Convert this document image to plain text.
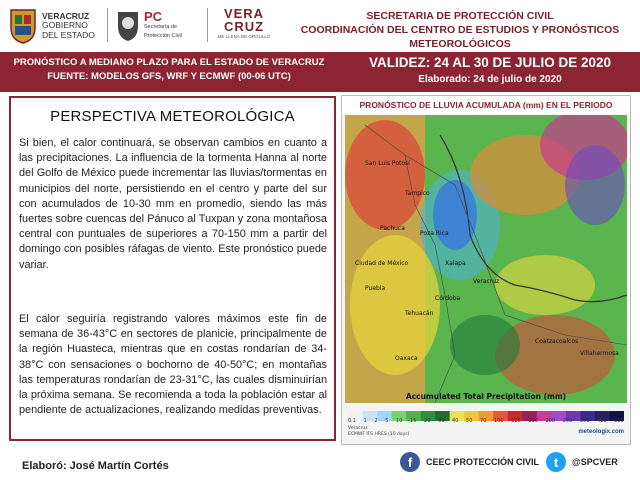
VERACRUZ
GOBIERNO
DEL ESTADO
PC
Secretaría de
Protección Civil
VERA
CRUZ
ME LLENA DE ORGULLO
SECRETARIA DE PROTECCIÓN CIVIL
COORDINACIÓN DEL CENTRO DE ESTUDIOS Y PRONÓSTICOS METEOROLÓGICOS
PRONÓSTICO A MEDIANO PLAZO PARA EL ESTADO DE VERACRUZ
FUENTE: MODELOS GFS, WRF Y ECMWF (00-06 UTC)
VALIDEZ: 24 AL 30 DE JULIO DE 2020
Elaborado: 24 de julio de 2020
PERSPECTIVA METEOROLÓGICA
Si bien, el calor continuará, se observan cambios en cuanto a las precipitaciones. La influencia de la tormenta Hanna al norte del Golfo de México puede incrementar las lluvias/tormentas en municipios del norte, persistiendo en el centro y parte del sur con acumulados de 10-30 mm en promedio, siendo las más fuertes sobre cuencas del Pánuco al Tuxpan y zona montañosa central con puntuales de superiores a 70-150 mm a partir del domingo con posibles ráfagas de viento. Este pronóstico puede variar.
El calor seguiría registrando valores máximos este fin de semana de 36-43°C en sectores de planicie, principalmente de la región Huasteca, mientras que en costas rondarían de 34-38°C con sensaciones o bochorno de 40-50°C; en montañas las temperaturas rondarían de 23-31°C, las cuales disminuirían la próxima semana. Se recomienda a toda la población estar al pendiente de actualizaciones, realizando medidas preventivas.
PRONÓSTICO DE LLUVIA ACUMULADA (mm) EN EL PERIODO
Tampico
San Luis Potosí
Poza Rica
Pachuca
Xalapa
Ciudad de México
Puebla
Veracruz
Córdoba
Tehuacán
Oaxaca
Coatzacoalcos
Villahermosa
Accumulated Total Precipitation (mm)
0.1 1 2 5 10 15 20 30 40 50 70 100 125 150 200 250 300 400 500
Veracruz
ECMWF IFS HRES (10 days)	meteologix.com
Elaboró: José Martín Cortés	f	CEEC PROTECCIÓN CIVIL	t	@SPCVER
